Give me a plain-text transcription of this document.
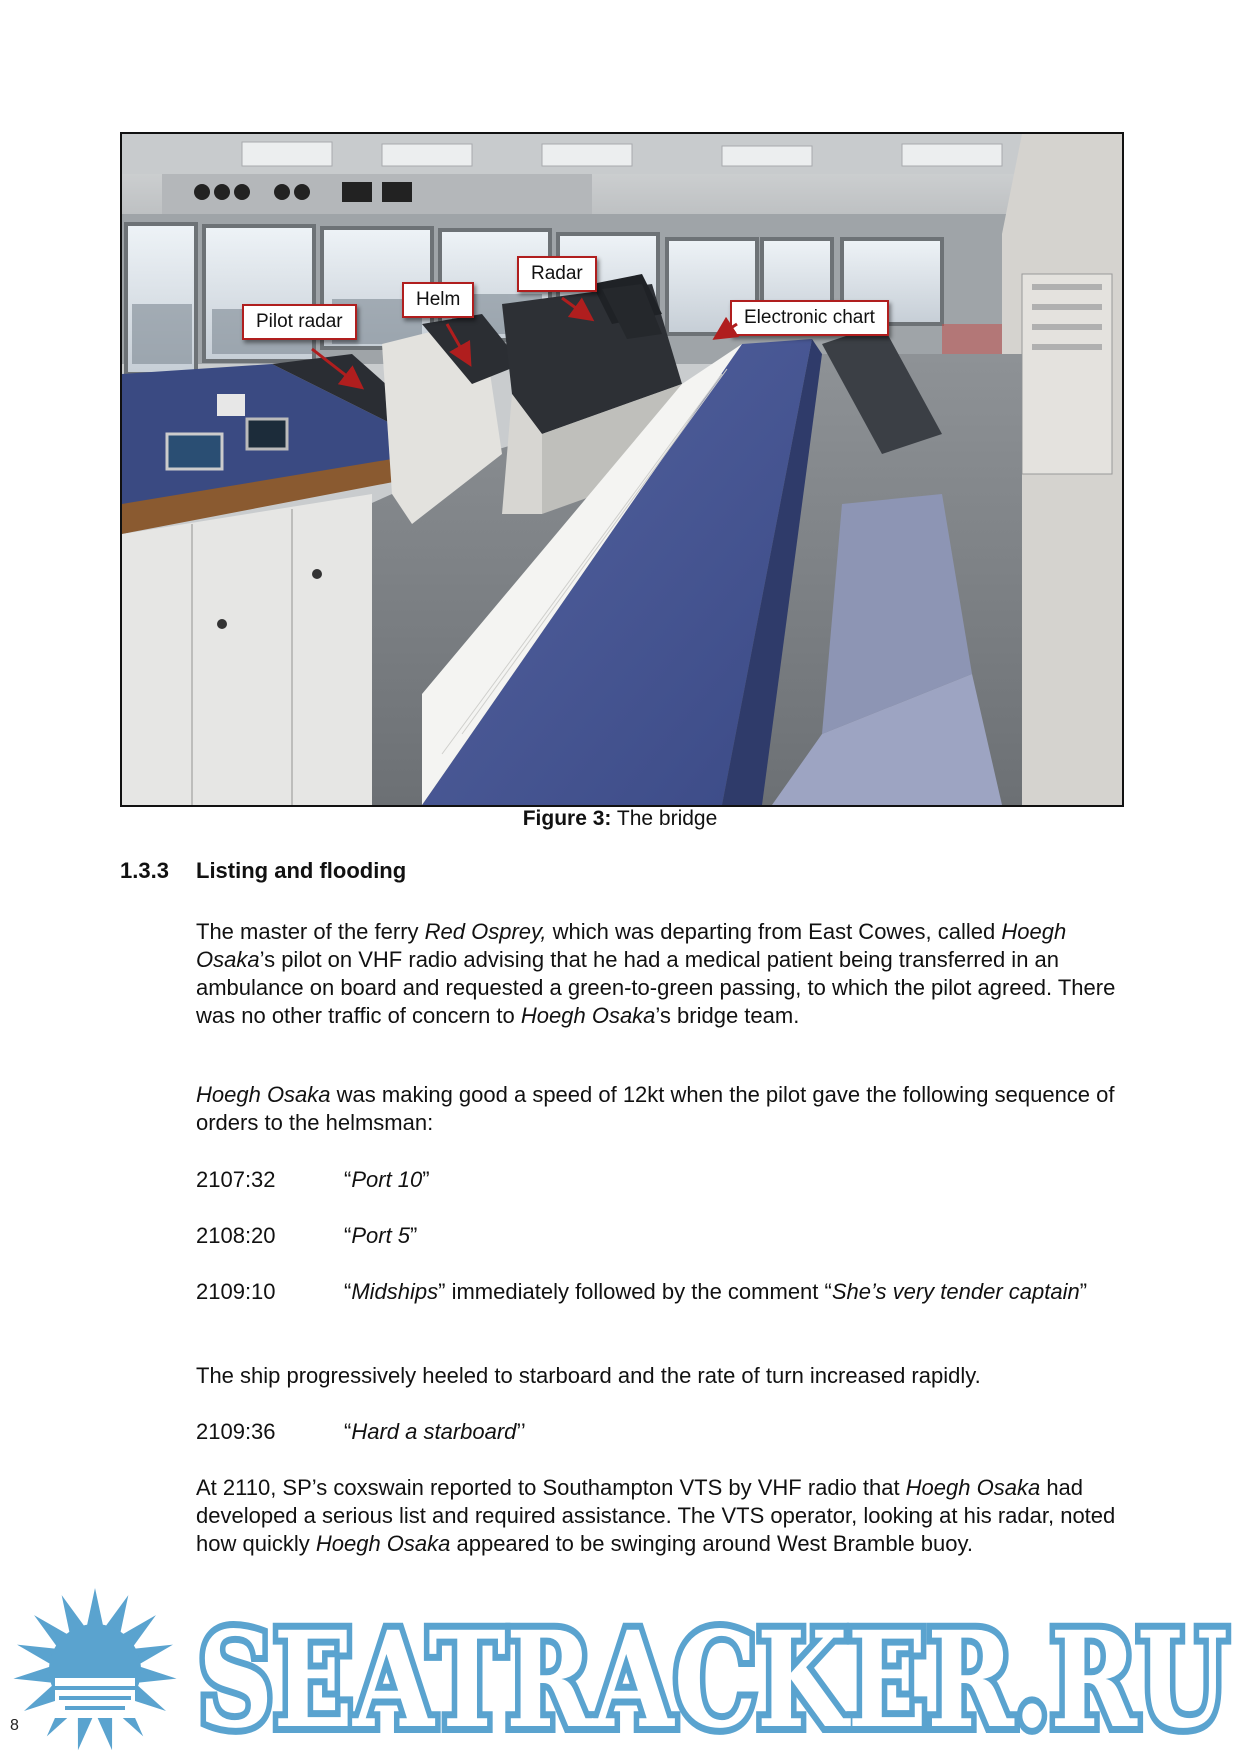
Pilot radar
Helm
Radar
Electronic chart
Figure 3: The bridge
1.3.3 Listing and flooding
The master of the ferry Red Osprey, which was departing from East Cowes, called Hoegh Osaka’s pilot on VHF radio advising that he had a medical patient being transferred in an ambulance on board and requested a green-to-green passing, to which the pilot agreed. There was no other traffic of concern to Hoegh Osaka’s bridge team.
Hoegh Osaka was making good a speed of 12kt when the pilot gave the following sequence of orders to the helmsman:
2107:32	“Port 10”
2108:20	“Port 5”
2109:10	“Midships” immediately followed by the comment “She’s very tender captain”
The ship progressively heeled to starboard and the rate of turn increased rapidly.
2109:36	“Hard a starboard’’
At 2110, SP’s coxswain reported to Southampton VTS by VHF radio that Hoegh Osaka had developed a serious list and required assistance. The VTS operator, looking at his radar, noted how quickly Hoegh Osaka appeared to be swinging around West Bramble buoy.
SEATRACKER.RU
8
